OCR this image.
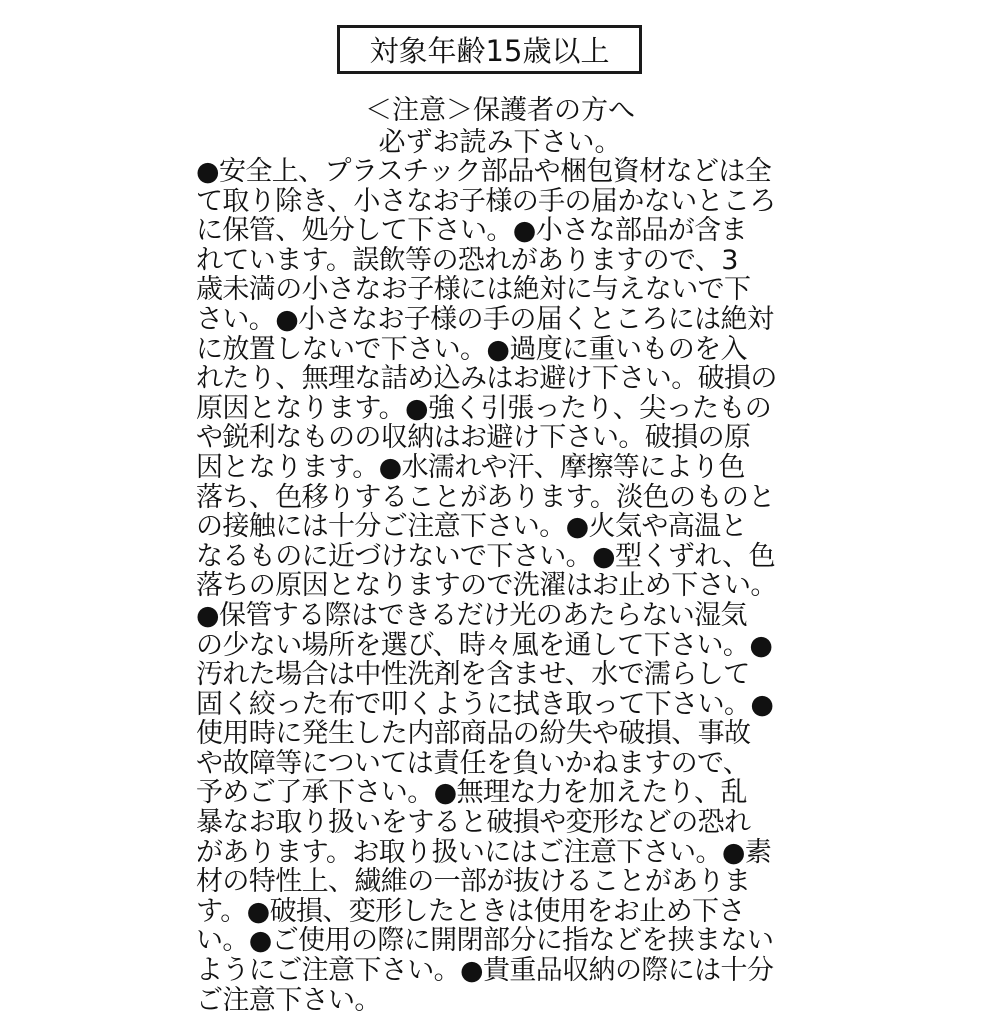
対象年齢15歳以上
＜注意＞保護者の方へ
必ずお読み下さい。
●安全上、プラスチック部品や梱包資材などは全
て取り除き、小さなお子様の手の届かないところ
に保管、処分して下さい。●小さな部品が含ま
れています。誤飲等の恐れがありますので、3
歳未満の小さなお子様には絶対に与えないで下
さい。●小さなお子様の手の届くところには絶対
に放置しないで下さい。●過度に重いものを入
れたり、無理な詰め込みはお避け下さい。破損の
原因となります。●強く引張ったり、尖ったもの
や鋭利なものの収納はお避け下さい。破損の原
因となります。●水濡れや汗、摩擦等により色
落ち、色移りすることがあります。淡色のものと
の接触には十分ご注意下さい。●火気や高温と
なるものに近づけないで下さい。●型くずれ、色
落ちの原因となりますので洗濯はお止め下さい。
●保管する際はできるだけ光のあたらない湿気
の少ない場所を選び、時々風を通して下さい。●
汚れた場合は中性洗剤を含ませ、水で濡らして
固く絞った布で叩くように拭き取って下さい。●
使用時に発生した内部商品の紛失や破損、事故
や故障等については責任を負いかねますので、
予めご了承下さい。●無理な力を加えたり、乱
暴なお取り扱いをすると破損や変形などの恐れ
があります。お取り扱いにはご注意下さい。●素
材の特性上、繊維の一部が抜けることがありま
す。●破損、変形したときは使用をお止め下さ
い。●ご使用の際に開閉部分に指などを挟まない
ようにご注意下さい。●貴重品収納の際には十分
ご注意下さい。
